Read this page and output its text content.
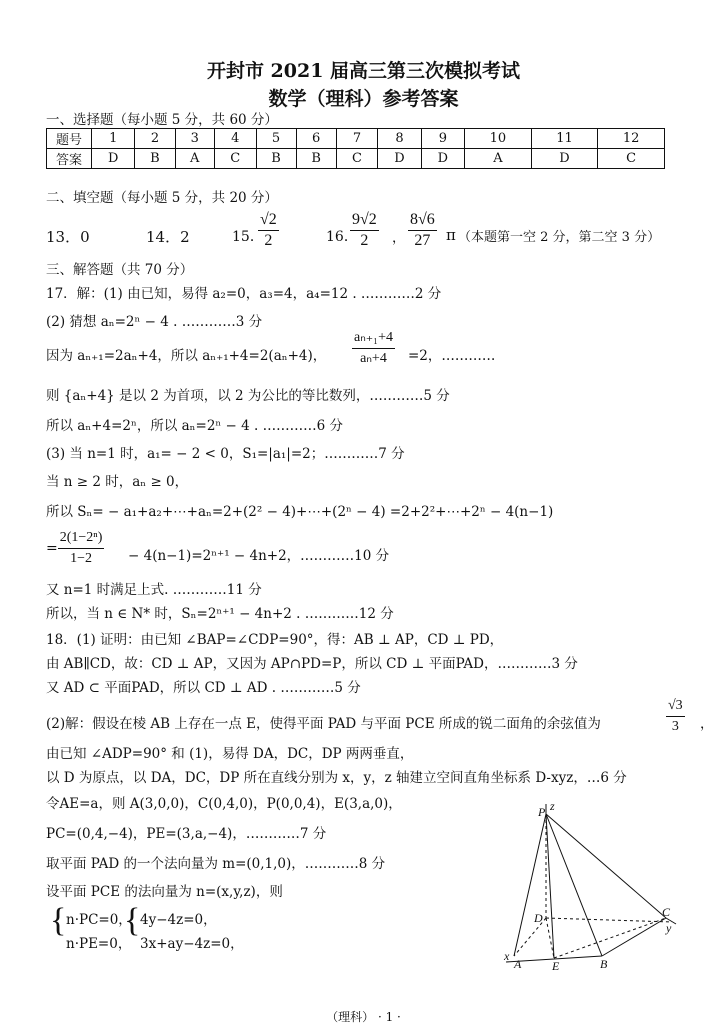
开封市 2021 届高三第三次模拟考试
数学（理科）参考答案
一、选择题（每小题 5 分，共 60 分）
题号	1	2	3	4	5	6	7	8	9	10	11	12
答案	D	B	A	C	B	B	C	D	D	A	D	C
二、填空题（每小题 5 分，共 20 分）
13．0	14．2	15．
$\frac{√2}{2}$	16．
$\frac{9√2}{2}$ ， $\frac{8√6}{27}$ π （本题第一空 2 分，第二空 3 分）
三、解答题（共 70 分）
17．解：(1) 由已知，易得 a₂=0，a₃=4，a₄=12 . …………2 分
(2) 猜想 aₙ=2ⁿ − 4 . …………3 分
因为 aₙ₊₁=2aₙ+4，所以 aₙ₊₁+4=2(aₙ+4)， $\frac{\text{aₙ₊₁+4}}{\text{aₙ+4}} =2$，…………
则 {aₙ+4} 是以 2 为首项，以 2 为公比的等比数列，…………5 分
所以 aₙ+4=2ⁿ，所以 aₙ=2ⁿ − 4 . …………6 分
(3) 当 n=1 时，a₁= − 2 < 0，S₁=|a₁|=2；…………7 分
当 n ≥ 2 时，aₙ ≥ 0，
所以 Sₙ= − a₁+a₂+⋯+aₙ=2+(2² − 4)+⋯+(2ⁿ − 4) =2+2²+⋯+2ⁿ − 4(n−1)
= $\frac{\text{2(1−2ⁿ)}}{1-2} - 4(n-1)=2^{n+1} - 4n+2$，…………10 分
又 n=1 时满足上式. …………11 分
所以，当 n ∈ N* 时，Sₙ=2ⁿ⁺¹ − 4n+2 . …………12 分
18．(1) 证明：由已知 ∠BAP=∠CDP=90°，得：AB ⊥ AP，CD ⊥ PD，
由 AB∥CD，故：CD ⊥ AP，又因为 AP∩PD=P，所以 CD ⊥ 平面PAD，…………3 分
又 AD ⊂ 平面PAD，所以 CD ⊥ AD . …………5 分
(2)解：假设在棱 AB 上存在一点 E，使得平面 PAD 与平面 PCE 所成的锐二面角的余弦值为	$\frac{√3}{3}$ ，
由已知 ∠ADP=90° 和 (1)，易得 DA，DC，DP 两两垂直，
以 D 为原点，以 DA，DC，DP 所在直线分别为 x，y，z 轴建立空间直角坐标系 D-xyz，…6 分
令AE=a，则 A(3,0,0)，C(0,4,0)，P(0,0,4)，E(3,a,0)，
PC=(0,4,−4)，PE=(3,a,−4)，…………7 分
取平面 PAD 的一个法向量为 m=(0,1,0)，…………8 分
设平面 PCE 的法向量为 n=(x,y,z)，则
{ n·PC=0，
n·PE=0，
{ 4y−4z=0，
3x+ay−4z=0，
P z
D	C
y
x
A	E	B
（理科） · 1 ·
